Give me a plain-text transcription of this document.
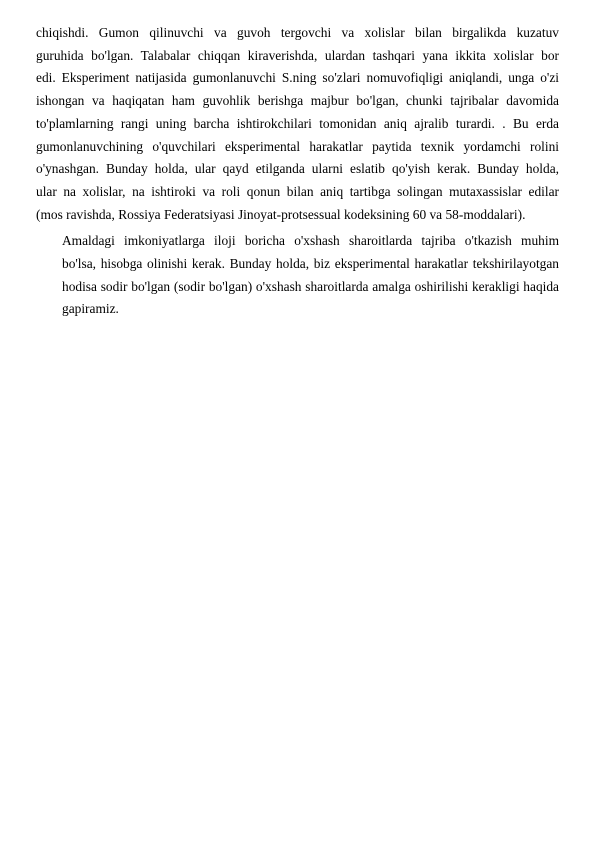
chiqishdi. Gumon qilinuvchi va guvoh tergovchi va xolislar bilan birgalikda kuzatuv
guruhida bo'lgan. Talabalar chiqqan kiraverishda, ulardan tashqari yana ikkita xolislar bor
edi. Eksperiment natijasida gumonlanuvchi S.ning so'zlari nomuvofiqligi aniqlandi, unga o'zi
ishongan va haqiqatan ham guvohlik berishga majbur bo'lgan, chunki tajribalar davomida
to'plamlarning rangi uning barcha ishtirokchilari tomonidan aniq ajralib turardi. . Bu erda
gumonlanuvchining o'quvchilari eksperimental harakatlar paytida texnik yordamchi rolini
o'ynashgan. Bunday holda, ular qayd etilganda ularni eslatib qo'yish kerak. Bunday holda,
ular na xolislar, na ishtiroki va roli qonun bilan aniq tartibga solingan mutaxassislar edilar
(mos ravishda, Rossiya Federatsiyasi Jinoyat-protsessual kodeksining 60 va 58-moddalari).

Amaldagi imkoniyatlarga iloji boricha o'xshash sharoitlarda tajriba o'tkazish muhim
bo'lsa, hisobga olinishi kerak. Bunday holda, biz eksperimental harakatlar tekshirilayotgan
hodisa sodir bo'lgan (sodir bo'lgan) o'xshash sharoitlarda amalga oshirilishi kerakligi haqida
gapiramiz.
